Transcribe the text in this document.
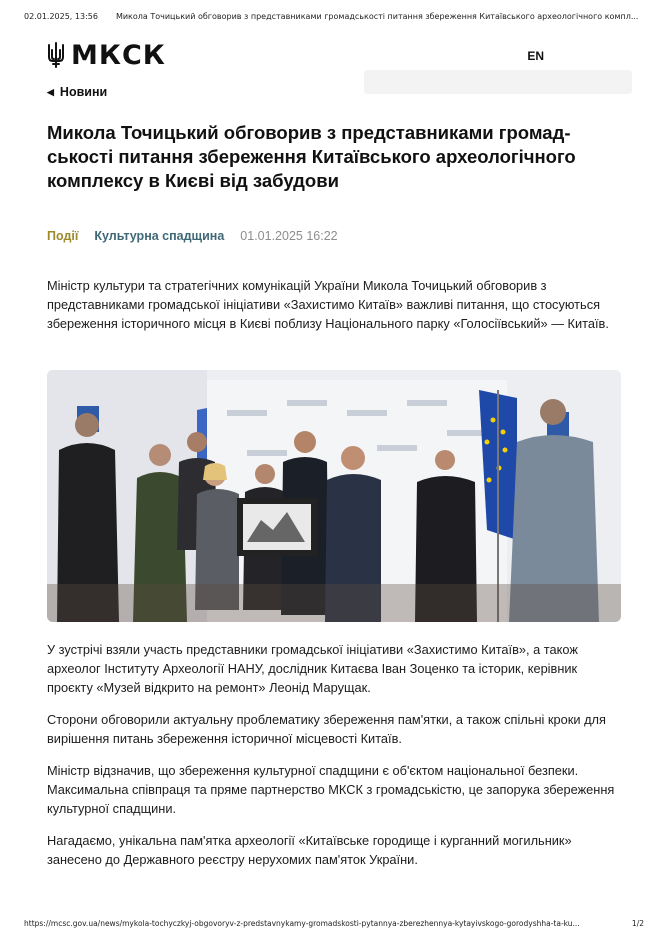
02.01.2025, 13:56 Микола Точицький обговорив з представниками громадськості питання збереження Китаївського археологічного компл...
МКСК	EN
◀ Новини
Микола Точицький обговорив з представниками громад-ськості питання збереження Китаївського археологічного комплексу в Києві від забудови
Події Культурна спадщина 01.01.2025 16:22

Міністр культури та стратегічних комунікацій України Микола Точицький обговорив з представниками громадської ініціативи «Захистимо Китаїв» важливі питання, що стосуються збереження історичного місця в Києві поблизу Національного парку «Голосіївський» — Китаїв.

У зустрічі взяли участь представники громадської ініціативи «Захистимо Китаїв», а також археолог Інституту Археології НАНУ, дослідник Китаєва Іван Зоценко та історик, керівник проєкту «Музей відкрито на ремонт» Леонід Марущак.

Сторони обговорили актуальну проблематику збереження пам'ятки, а також спільні кроки для вирішення питань збереження історичної місцевості Китаїв.

Міністр відзначив, що збереження культурної спадщини є об'єктом національної безпеки. Максимальна співпраця та пряме партнерство МКСК з громадськістю, це запорука збереження культурної спадщини.

Нагадаємо, унікальна пам'ятка археології «Китаївське городище і курганний могильник» занесено до Державного реєстру нерухомих пам'яток України.

https://mcsc.gov.ua/news/mykola-tochyczkyj-obgovoryv-z-predstavnykamy-gromadskosti-pytannya-zberezhennya-kytayivskogo-gorodyshha-ta-ku...	1/2
